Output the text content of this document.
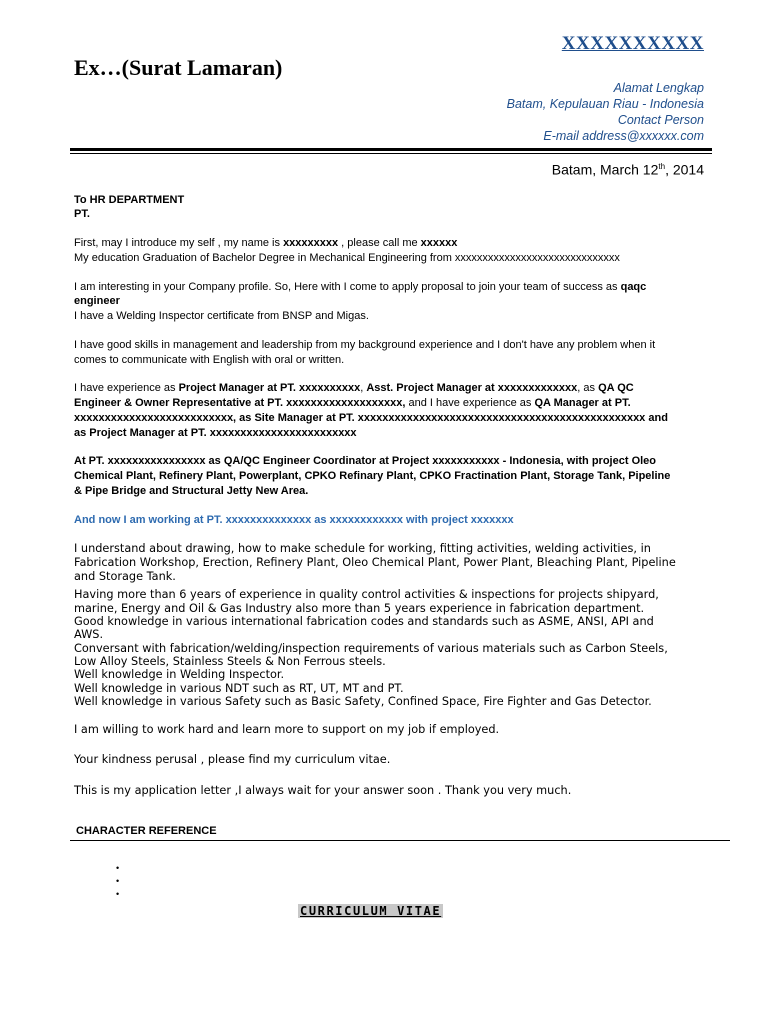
Ex…(Surat Lamaran)
XXXXXXXXXX
Alamat Lengkap
Batam, Kepulauan Riau - Indonesia
Contact Person
E-mail address@xxxxxx.com
Batam, March 12th, 2014
To HR DEPARTMENT
PT.
First, may I introduce my self , my name is xxxxxxxxx , please call me xxxxxx
My education Graduation of Bachelor Degree in Mechanical Engineering from xxxxxxxxxxxxxxxxxxxxxxxxxxxxxx
I am interesting in your Company profile. So, Here with I come to apply proposal to join your team of success as qaqc
engineer
I have a Welding Inspector certificate from BNSP and Migas.
I have good skills in management and leadership from my background experience and I don't have any problem when it
comes to communicate with English with oral or written.
I have experience as Project Manager at PT. xxxxxxxxxx, Asst. Project Manager at xxxxxxxxxxxxx, as QA QC
Engineer & Owner Representative at PT. xxxxxxxxxxxxxxxxxxx, and I have experience as QA Manager at PT.
xxxxxxxxxxxxxxxxxxxxxxxxxx, as Site Manager at PT. xxxxxxxxxxxxxxxxxxxxxxxxxxxxxxxxxxxxxxxxxxxxxxx and
as Project Manager at PT. xxxxxxxxxxxxxxxxxxxxxxxx
At PT. xxxxxxxxxxxxxxxx as QA/QC Engineer Coordinator at Project xxxxxxxxxxx - Indonesia, with project Oleo
Chemical Plant, Refinery Plant, Powerplant, CPKO Refinary Plant, CPKO Fractination Plant, Storage Tank, Pipeline
& Pipe Bridge and Structural Jetty New Area.
And now I am working at PT. xxxxxxxxxxxxxx as xxxxxxxxxxxx with project xxxxxxx
I understand about drawing, how to make schedule for working, fitting activities, welding activities, in
Fabrication Workshop, Erection, Refinery Plant, Oleo Chemical Plant, Power Plant, Bleaching Plant, Pipeline
and Storage Tank.
Having more than 6 years of experience in quality control activities & inspections for projects shipyard,
marine, Energy and Oil & Gas Industry also more than 5 years experience in fabrication department.
Good knowledge in various international fabrication codes and standards such as ASME, ANSI, API and
AWS.
Conversant with fabrication/welding/inspection requirements of various materials such as Carbon Steels,
Low Alloy Steels, Stainless Steels & Non Ferrous steels.
Well knowledge in Welding Inspector.
Well knowledge in various NDT such as RT, UT, MT and PT.
Well knowledge in various Safety such as Basic Safety, Confined Space, Fire Fighter and Gas Detector.
I am willing to work hard and learn more to support on my job if employed.
Your kindness perusal , please find my curriculum vitae.
This is my application letter ,I always wait for your answer soon . Thank you very much.
CHARACTER REFERENCE
•
•
•
CURRICULUM VITAE
